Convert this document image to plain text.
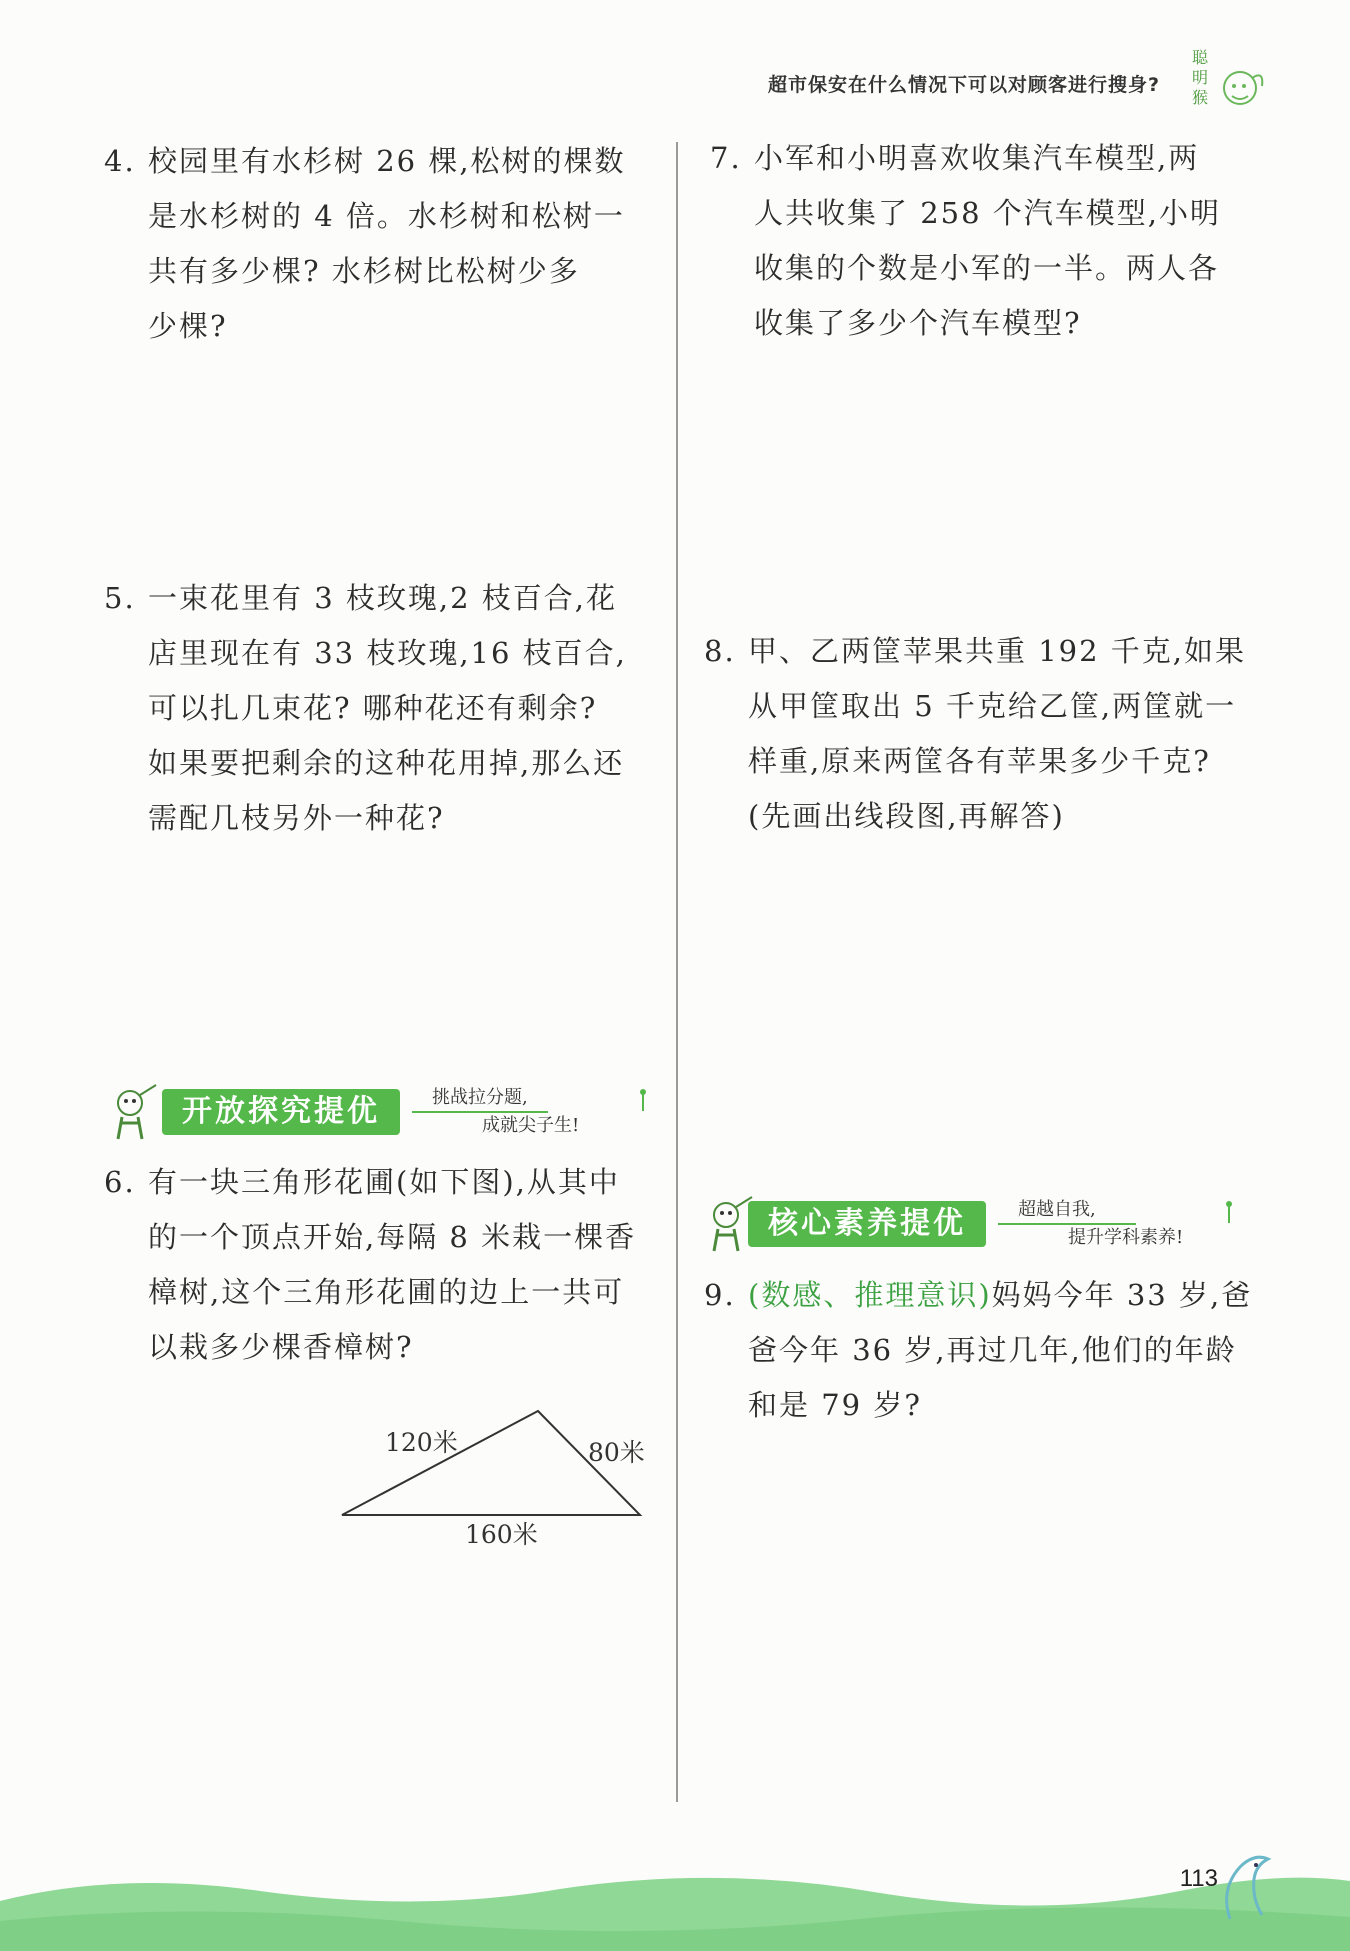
超市保安在什么情况下可以对顾客进行搜身?
聪明猴
4. 校园里有水杉树 26 棵,松树的棵数
是水杉树的 4 倍。水杉树和松树一
共有多少棵? 水杉树比松树少多
少棵?
5. 一束花里有 3 枝玫瑰,2 枝百合,花
店里现在有 33 枝玫瑰,16 枝百合,
可以扎几束花? 哪种花还有剩余?
如果要把剩余的这种花用掉,那么还
需配几枝另外一种花?
开放探究提优	挑战拉分题,
成就尖子生!
6. 有一块三角形花圃(如下图),从其中
的一个顶点开始,每隔 8 米栽一棵香
樟树,这个三角形花圃的边上一共可
以栽多少棵香樟树?
120米	80米
160米
7. 小军和小明喜欢收集汽车模型,两
人共收集了 258 个汽车模型,小明
收集的个数是小军的一半。两人各
收集了多少个汽车模型?
8. 甲、乙两筐苹果共重 192 千克,如果
从甲筐取出 5 千克给乙筐,两筐就一
样重,原来两筐各有苹果多少千克?
(先画出线段图,再解答)
核心素养提优	超越自我,
提升学科素养!
9. (数感、推理意识)妈妈今年 33 岁,爸
爸今年 36 岁,再过几年,他们的年龄
和是 79 岁?
113
